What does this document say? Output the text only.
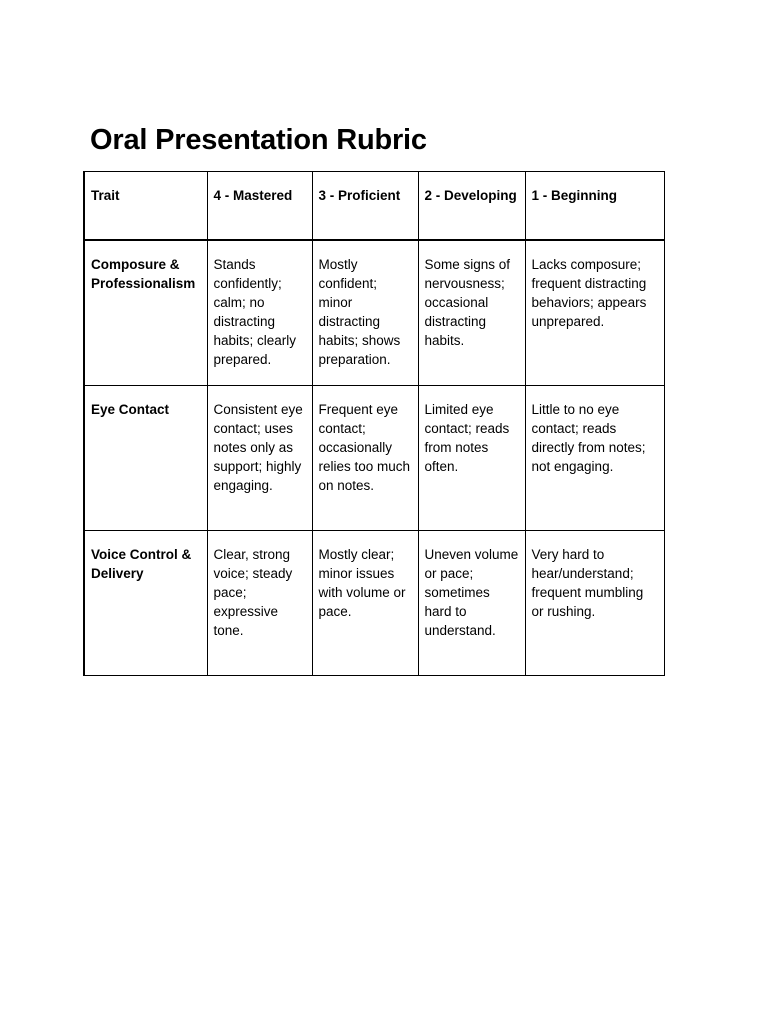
Oral Presentation Rubric
Trait	4 - Mastered	3 - Proficient	2 - Developing	1 - Beginning
Composure & Professionalism	Stands confidently; calm; no distracting habits; clearly prepared.	Mostly confident; minor distracting habits; shows preparation.	Some signs of nervousness; occasional distracting habits.	Lacks composure; frequent distracting behaviors; appears unprepared.
Eye Contact	Consistent eye contact; uses notes only as support; highly engaging.	Frequent eye contact; occasionally relies too much on notes.	Limited eye contact; reads from notes often.	Little to no eye contact; reads directly from notes; not engaging.
Voice Control & Delivery	Clear, strong voice; steady pace; expressive tone.	Mostly clear; minor issues with volume or pace.	Uneven volume or pace; sometimes hard to understand.	Very hard to hear/understand; frequent mumbling or rushing.
